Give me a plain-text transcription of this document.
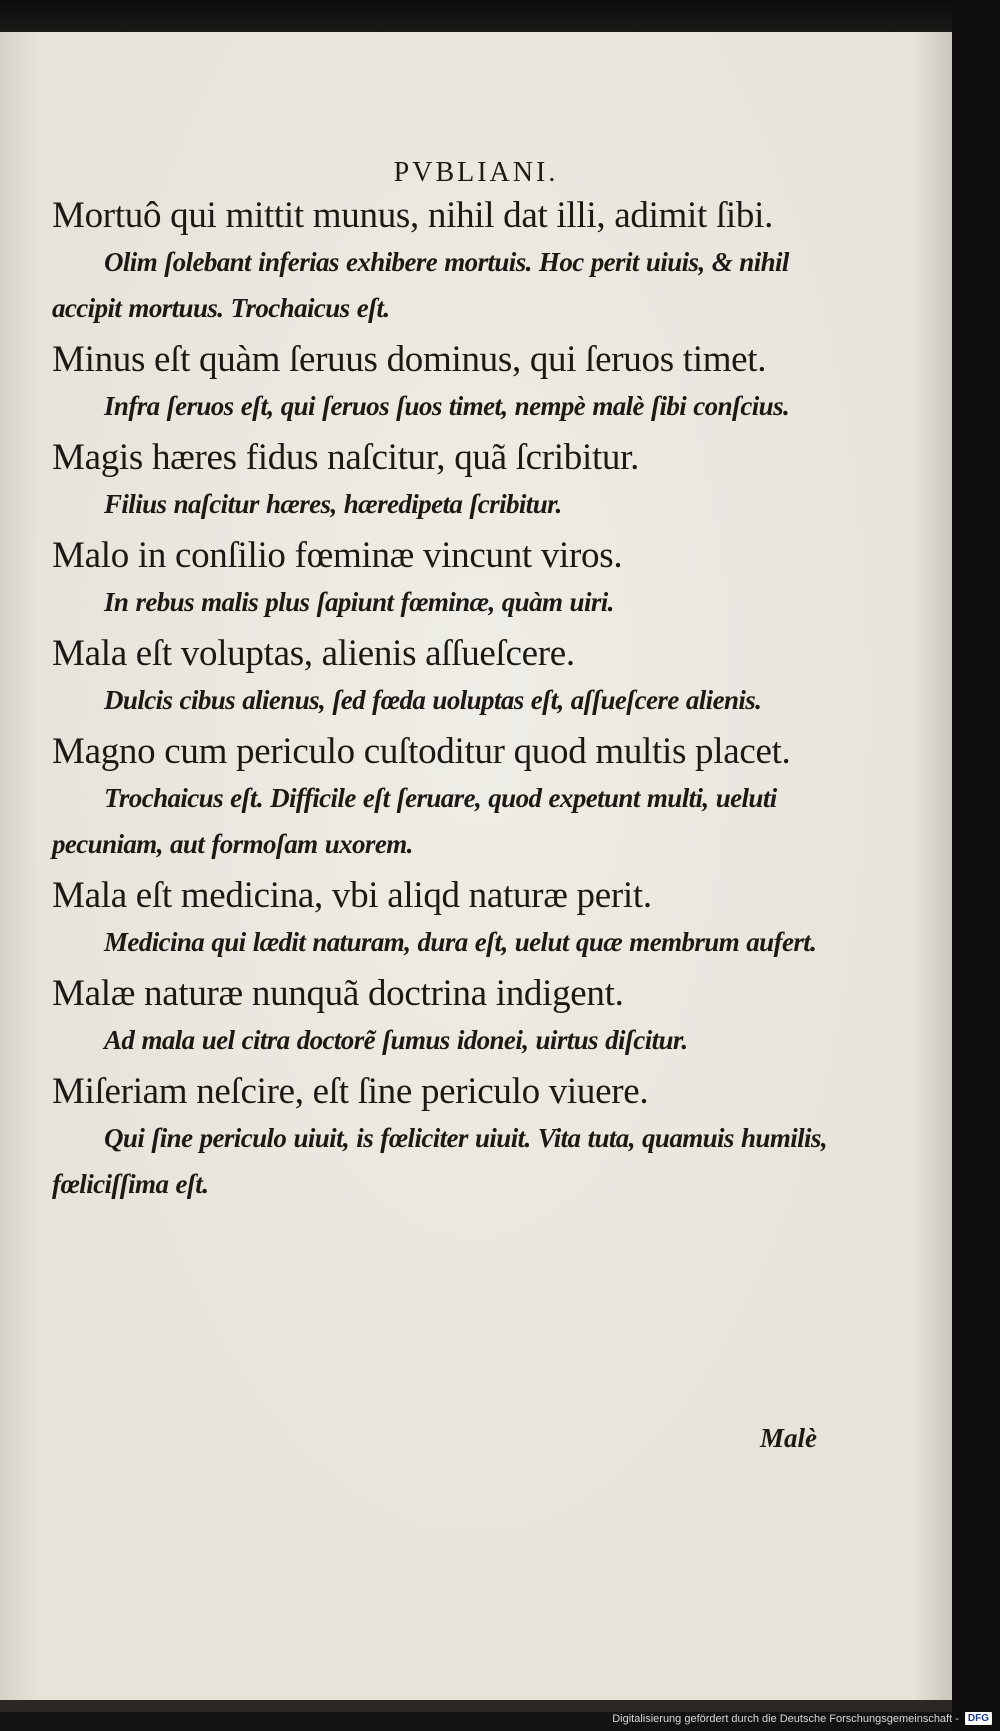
PVBLIANI.

Mortuô qui mittit munus, nihil dat illi, adimit ſibi.

Olim ſolebant inferias exhibere mortuis. Hoc perit uiuis, & nihil accipit mortuus. Trochaicus eſt.

Minus eſt quàm ſeruus dominus, qui ſeruos timet.

Infra ſeruos eſt, qui ſeruos ſuos timet, nempè malè ſibi conſcius.

Magis hæres fidus naſcitur, quã ſcribitur.

Filius naſcitur hæres, hæredipeta ſcribitur.

Malo in conſilio fœminæ vincunt viros.

In rebus malis plus ſapiunt fœminæ, quàm uiri.

Mala eſt voluptas, alienis aſſueſcere.

Dulcis cibus alienus, ſed fœda uoluptas eſt, aſſueſcere alienis.

Magno cum periculo cuſtoditur quod multis placet.

Trochaicus eſt. Difficile eſt ſeruare, quod expetunt multi, ueluti pecuniam, aut formoſam uxorem.

Mala eſt medicina, vbi aliqd naturæ perit.

Medicina qui lædit naturam, dura eſt, uelut quæ membrum aufert.

Malæ naturæ nunquã doctrina indigent.

Ad mala uel citra doctorẽ ſumus idonei, uirtus diſcitur.

Miſeriam neſcire, eſt ſine periculo viuere.

Qui ſine periculo uiuit, is fœliciter uiuit. Vita tuta, quamuis humilis, fœliciſſima eſt.

Malè
Digitalisierung gefördert durch die Deutsche Forschungsgemeinschaft - DFG
